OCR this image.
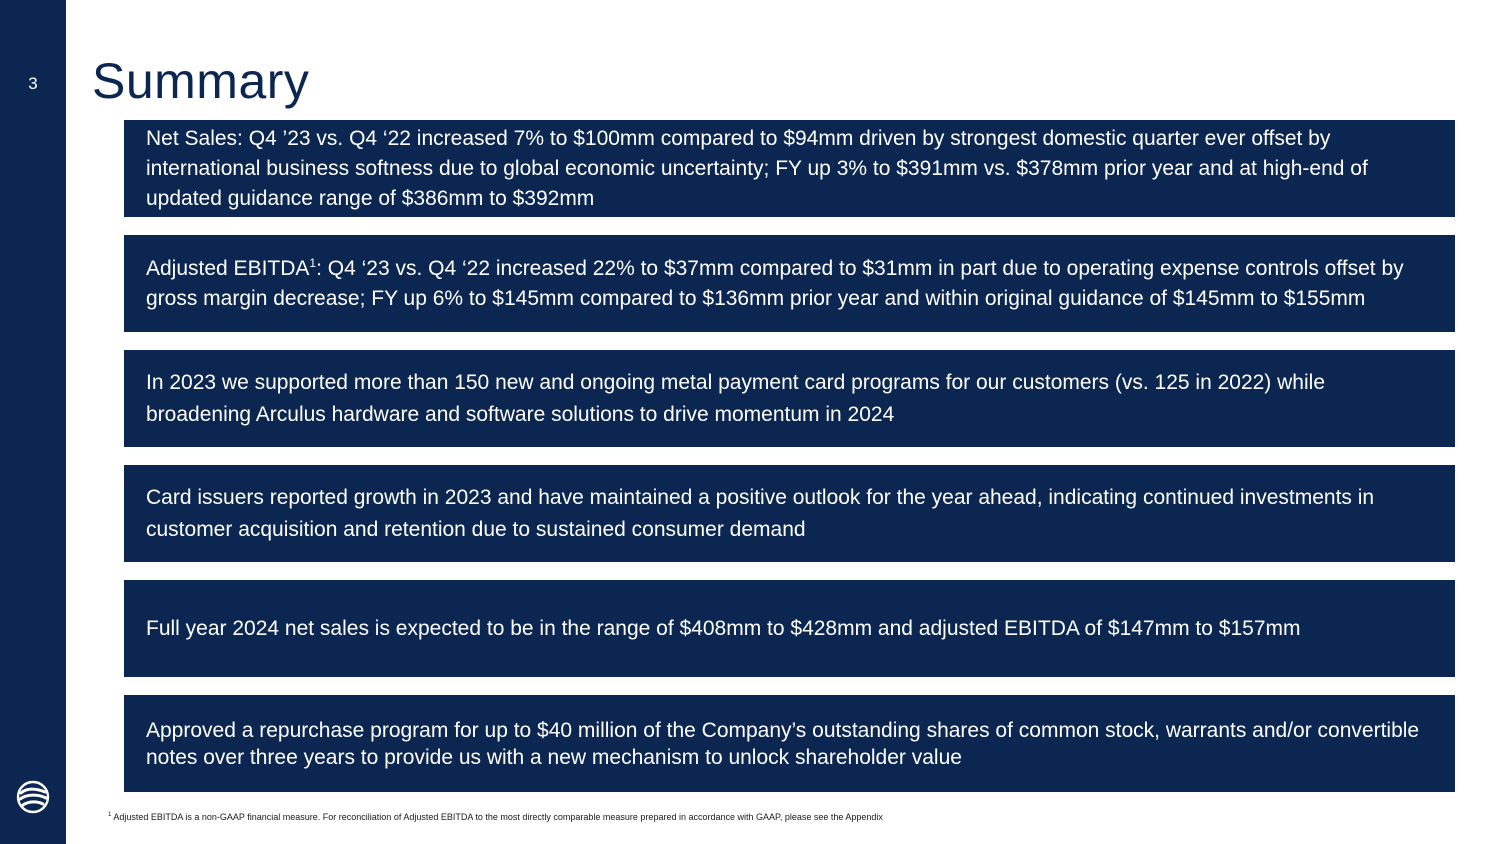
3	Summary

Net Sales: Q4 ’23 vs. Q4 ‘22 increased 7% to $100mm compared to $94mm driven by strongest domestic quarter ever offset by international business softness due to global economic uncertainty; FY up 3% to $391mm vs. $378mm prior year and at high-end of updated guidance range of $386mm to $392mm

Adjusted EBITDA$^1$: Q4 ‘23 vs. Q4 ‘22 increased 22% to $37mm compared to $31mm in part due to operating expense controls offset by gross margin decrease; FY up 6% to $145mm compared to $136mm prior year and within original guidance of $145mm to $155mm

In 2023 we supported more than 150 new and ongoing metal payment card programs for our customers (vs. 125 in 2022) while broadening Arculus hardware and software solutions to drive momentum in 2024

Card issuers reported growth in 2023 and have maintained a positive outlook for the year ahead, indicating continued investments in customer acquisition and retention due to sustained consumer demand

Full year 2024 net sales is expected to be in the range of $408mm to $428mm and adjusted EBITDA of $147mm to $157mm

Approved a repurchase program for up to $40 million of the Company’s outstanding shares of common stock, warrants and/or convertible notes over three years to provide us with a new mechanism to unlock shareholder value

$^1$ Adjusted EBITDA is a non-GAAP financial measure. For reconciliation of Adjusted EBITDA to the most directly comparable measure prepared in accordance with GAAP, please see the Appendix
